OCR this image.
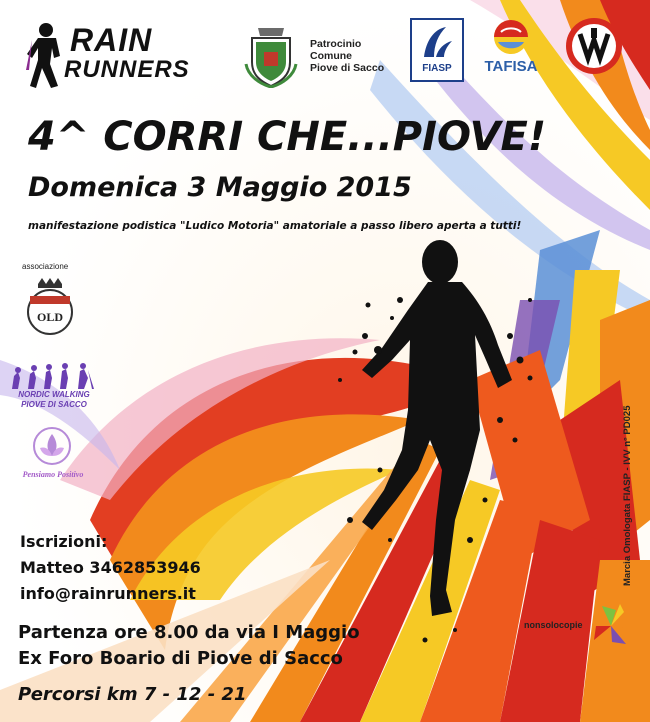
RAIN
RUNNERS
Patrocinio
Comune
Piove di Sacco	FIASP	TAFISA
4^ CORRI CHE...PIOVE!
Domenica 3 Maggio 2015
manifestazione podistica "Ludico Motoria" amatoriale a passo libero aperta a tutti!
associazione
OLD
NORDIC WALKING
PIOVE DI SACCO
Pensiamo Positivo	Marcia Omologata FIASP - IVV n° PD025
Iscrizioni:
Matteo 3462853946
info@rainrunners.it
Partenza ore 8.00 da via I Maggio
Ex Foro Boario di Piove di Sacco
Percorsi km 7 - 12 - 21
nonsolocopie
